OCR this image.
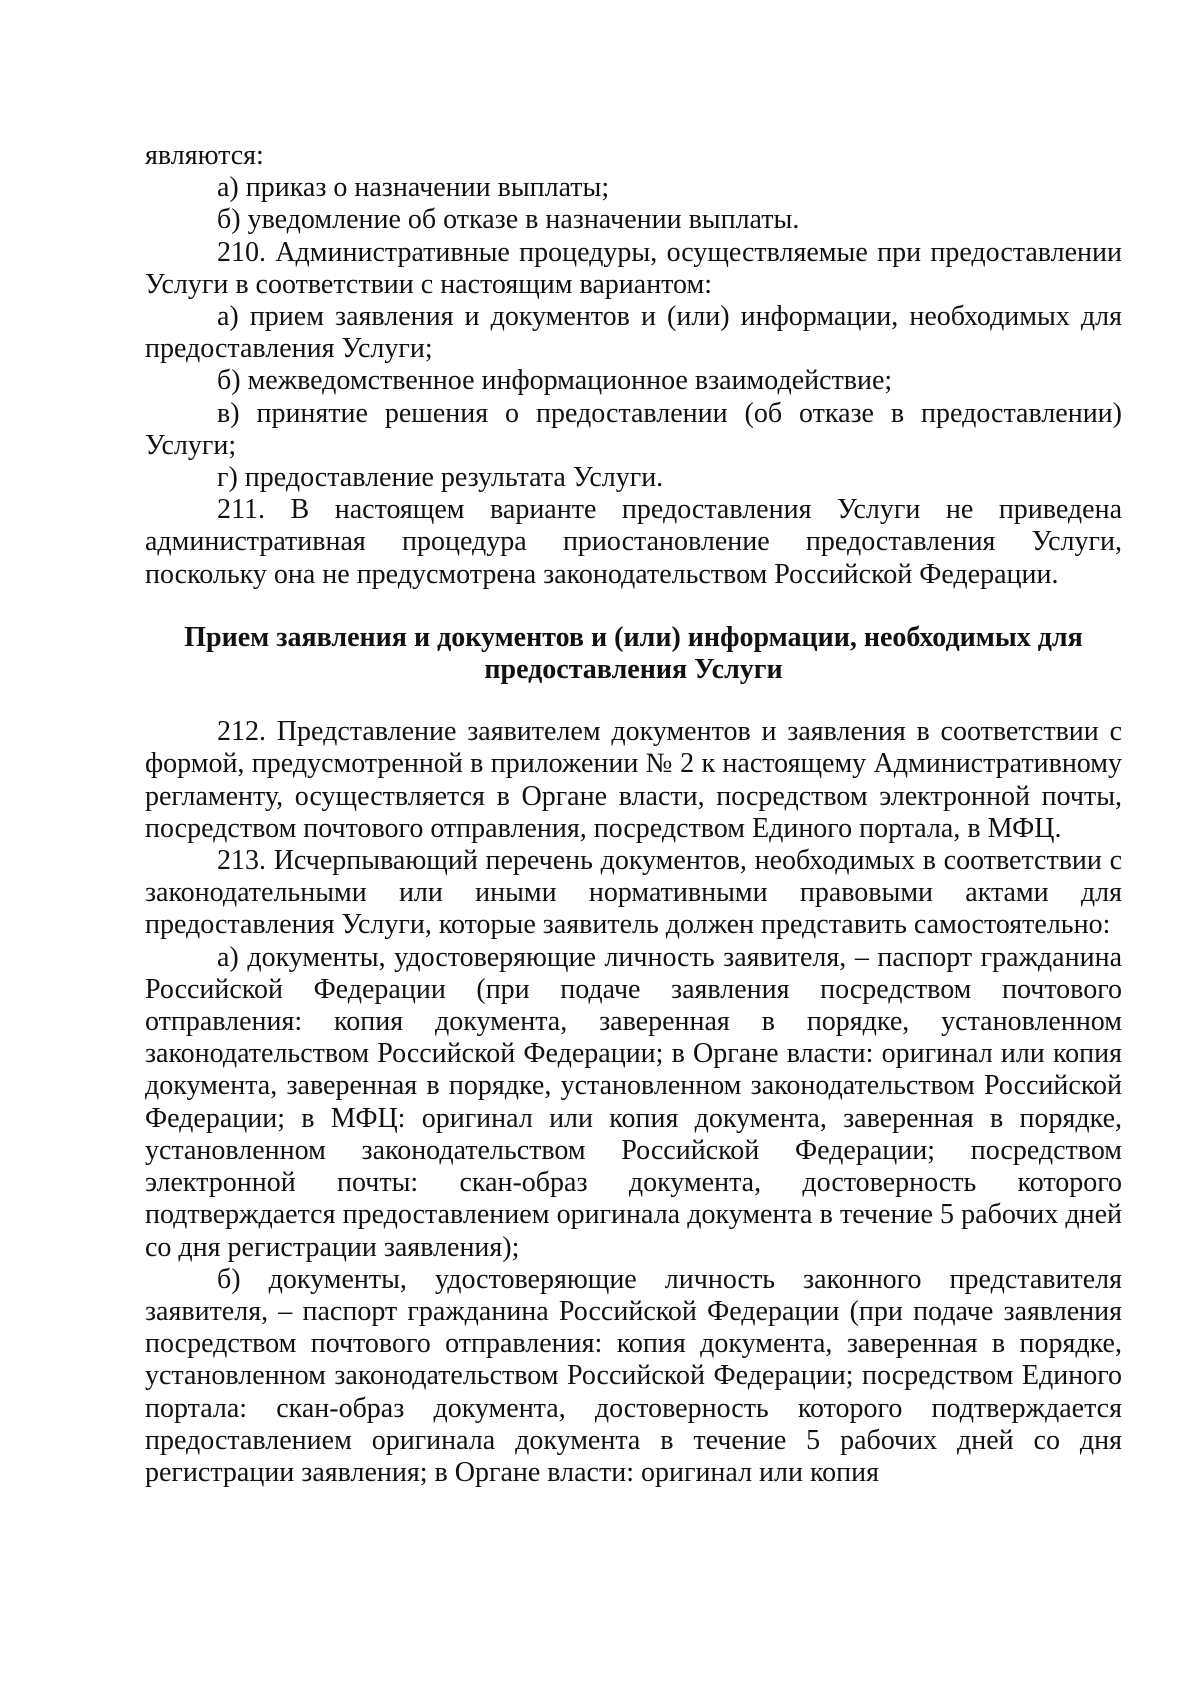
являются:

а) приказ о назначении выплаты;

б) уведомление об отказе в назначении выплаты.

210. Административные процедуры, осуществляемые при предоставлении Услуги в соответствии с настоящим вариантом:

а) прием заявления и документов и (или) информации, необходимых для предоставления Услуги;

б) межведомственное информационное взаимодействие;

в) принятие решения о предоставлении (об отказе в предоставлении) Услуги;

г) предоставление результата Услуги.

211. В настоящем варианте предоставления Услуги не приведена административная процедура приостановление предоставления Услуги, поскольку она не предусмотрена законодательством Российской Федерации.

Прием заявления и документов и (или) информации, необходимых для предоставления Услуги

212. Представление заявителем документов и заявления в соответствии с формой, предусмотренной в приложении № 2 к настоящему Административному регламенту, осуществляется в Органе власти, посредством электронной почты, посредством почтового отправления, посредством Единого портала, в МФЦ.

213. Исчерпывающий перечень документов, необходимых в соответствии с законодательными или иными нормативными правовыми актами для предоставления Услуги, которые заявитель должен представить самостоятельно:

а) документы, удостоверяющие личность заявителя, – паспорт гражданина Российской Федерации (при подаче заявления посредством почтового отправления: копия документа, заверенная в порядке, установленном законодательством Российской Федерации; в Органе власти: оригинал или копия документа, заверенная в порядке, установленном законодательством Российской Федерации; в МФЦ: оригинал или копия документа, заверенная в порядке, установленном законодательством Российской Федерации; посредством электронной почты: скан-образ документа, достоверность которого подтверждается предоставлением оригинала документа в течение 5 рабочих дней со дня регистрации заявления);

б) документы, удостоверяющие личность законного представителя заявителя, – паспорт гражданина Российской Федерации (при подаче заявления посредством почтового отправления: копия документа, заверенная в порядке, установленном законодательством Российской Федерации; посредством Единого портала: скан-образ документа, достоверность которого подтверждается предоставлением оригинала документа в течение 5 рабочих дней со дня регистрации заявления; в Органе власти: оригинал или копия
